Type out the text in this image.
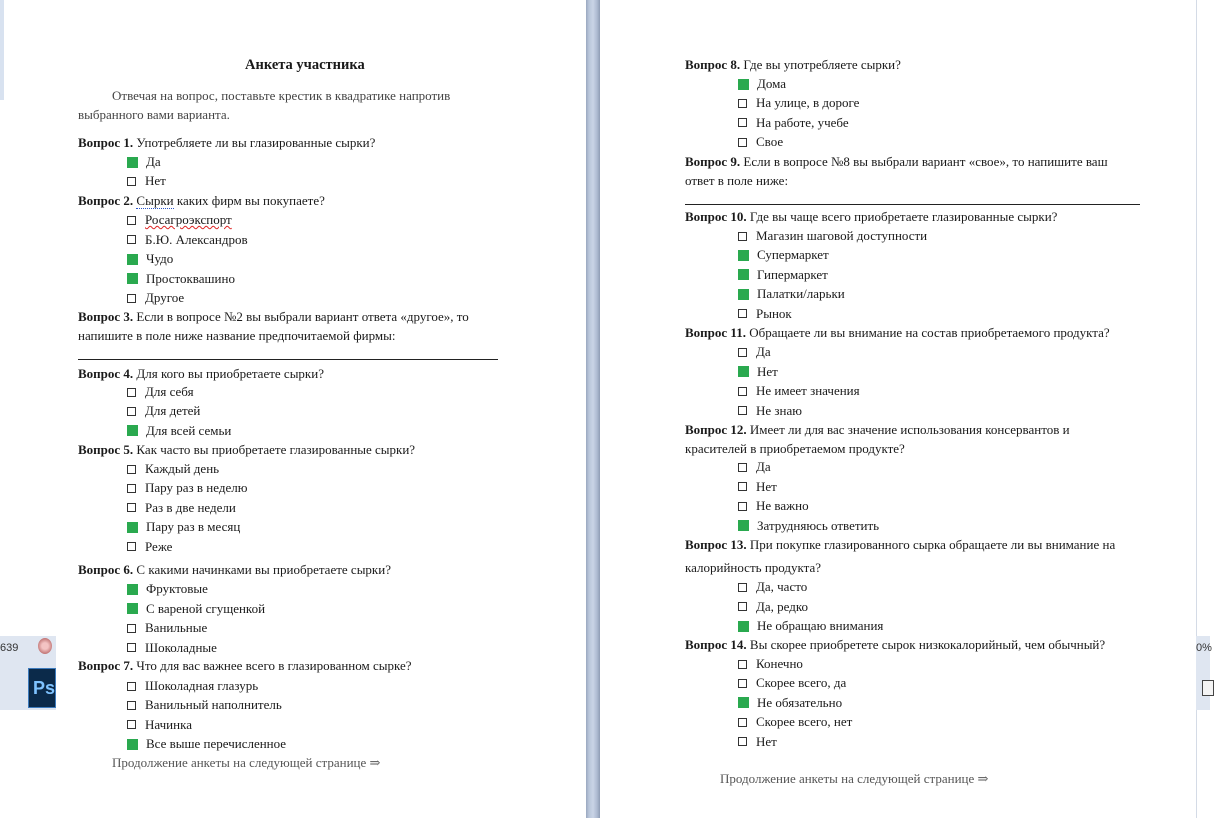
Анкета участника
Отвечая на вопрос, поставьте крестик в квадратике напротив
выбранного вами варианта.
Вопрос 1. Употребляете ли вы глазированные сырки?
Да
Нет
Вопрос 2. Сырки каких фирм вы покупаете?
Росагроэкспорт
Б.Ю. Александров
Чудо
Простоквашино
Другое
Вопрос 3. Если в вопросе №2 вы выбрали вариант ответа «другое», то
напишите в поле ниже название предпочитаемой фирмы:
Вопрос 4. Для кого вы приобретаете сырки?
Для себя
Для детей
Для всей семьи
Вопрос 5. Как часто вы приобретаете глазированные сырки?
Каждый день
Пару раз в неделю
Раз в две недели
Пару раз в месяц
Реже
Вопрос 6. С какими начинками вы приобретаете сырки?
Фруктовые
С вареной сгущенкой
Ванильные
Шоколадные
Вопрос 7. Что для вас важнее всего в глазированном сырке?
Шоколадная глазурь
Ванильный наполнитель
Начинка
Все выше перечисленное
Продолжение анкеты на следующей странице ⇒
Вопрос 8. Где вы употребляете сырки?
Дома
На улице, в дороге
На работе, учебе
Свое
Вопрос 9. Если в вопросе №8 вы выбрали вариант «свое», то напишите ваш
ответ в поле ниже:
Вопрос 10. Где вы чаще всего приобретаете глазированные сырки?
Магазин шаговой доступности
Супермаркет
Гипермаркет
Палатки/ларьки
Рынок
Вопрос 11. Обращаете ли вы внимание на состав приобретаемого продукта?
Да
Нет
Не имеет значения
Не знаю
Вопрос 12. Имеет ли для вас значение использования консервантов и
красителей в приобретаемом продукте?
Да
Нет
Не важно
Затрудняюсь ответить
Вопрос 13. При покупке глазированного сырка обращаете ли вы внимание на
калорийность продукта?
Да, часто
Да, редко
Не обращаю внимания
Вопрос 14. Вы скорее приобретете сырок низкокалорийный, чем обычный?
Конечно
Скорее всего, да
Не обязательно
Скорее всего, нет
Нет
Продолжение анкеты на следующей странице ⇒
639
Ps
0%
